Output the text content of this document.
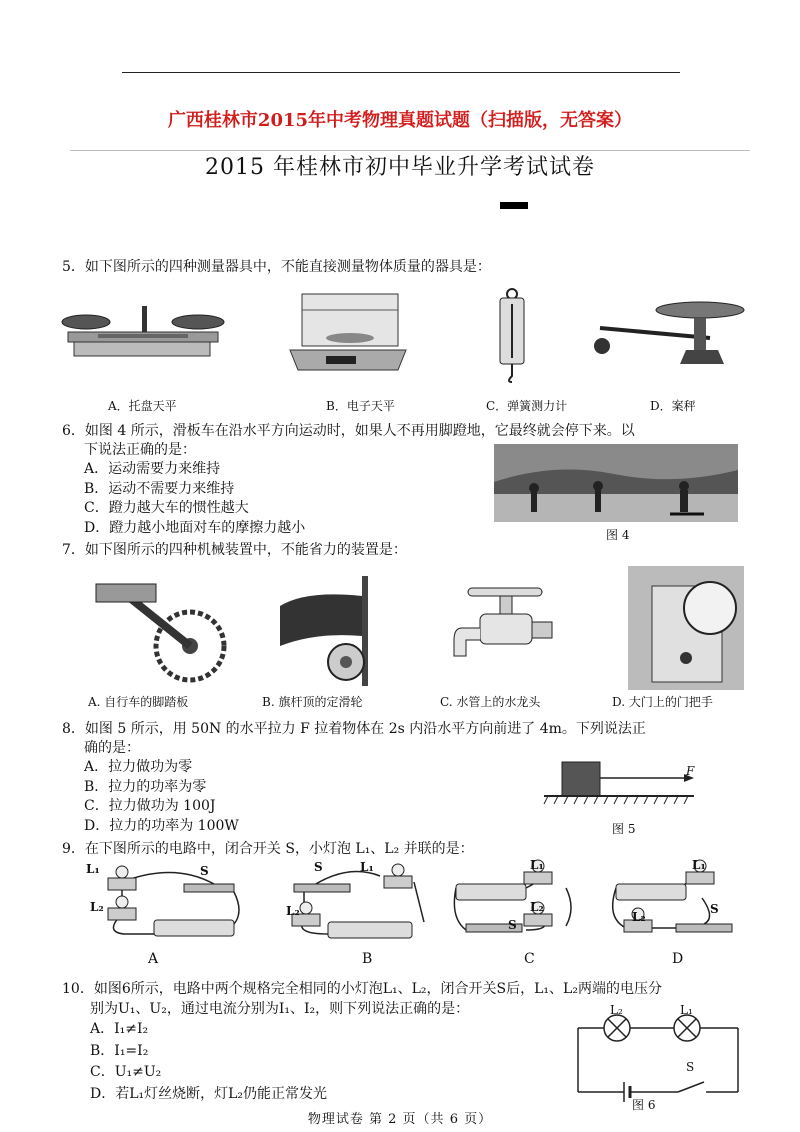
广西桂林市2015年中考物理真题试题（扫描版，无答案）
2015 年桂林市初中毕业升学考试试卷
5．如下图所示的四种测量器具中，不能直接测量物体质量的器具是：
A．托盘天平	B．电子天平	C．弹簧测力计	D．案秤
6．如图 4 所示，滑板车在沿水平方向运动时，如果人不再用脚蹬地，它最终就会停下来。以
下说法正确的是：
A．运动需要力来维持
B．运动不需要力来维持
C．蹬力越大车的惯性越大
D．蹬力越小地面对车的摩擦力越小	图 4
7．如下图所示的四种机械装置中，不能省力的装置是：
A. 自行车的脚踏板	B. 旗杆顶的定滑轮	C. 水管上的水龙头	D. 大门上的门把手
8．如图 5 所示，用 50N 的水平拉力 F 拉着物体在 2s 内沿水平方向前进了 4m。下列说法正
确的是：
A．拉力做功为零
B．拉力的功率为零
C．拉力做功为 100J
D．拉力的功率为 100W
F
图 5
9．在下图所示的电路中，闭合开关 S，小灯泡 L₁、L₂ 并联的是：
L₁	S
L₂
S	L₁
L₂
L₁
L₂
S
L₁
L₂
S
A	B	C	D
10．如图6所示，电路中两个规格完全相同的小灯泡L₁、L₂，闭合开关S后，L₁、L₂两端的电压分
别为U₁、U₂，通过电流分别为I₁、I₂，则下列说法正确的是：
A．I₁≠I₂
B．I₁=I₂
C．U₁≠U₂
D．若L₁灯丝烧断，灯L₂仍能正常发光
L₂	L₁
S
图 6
物理试卷 第 2 页（共 6 页）
